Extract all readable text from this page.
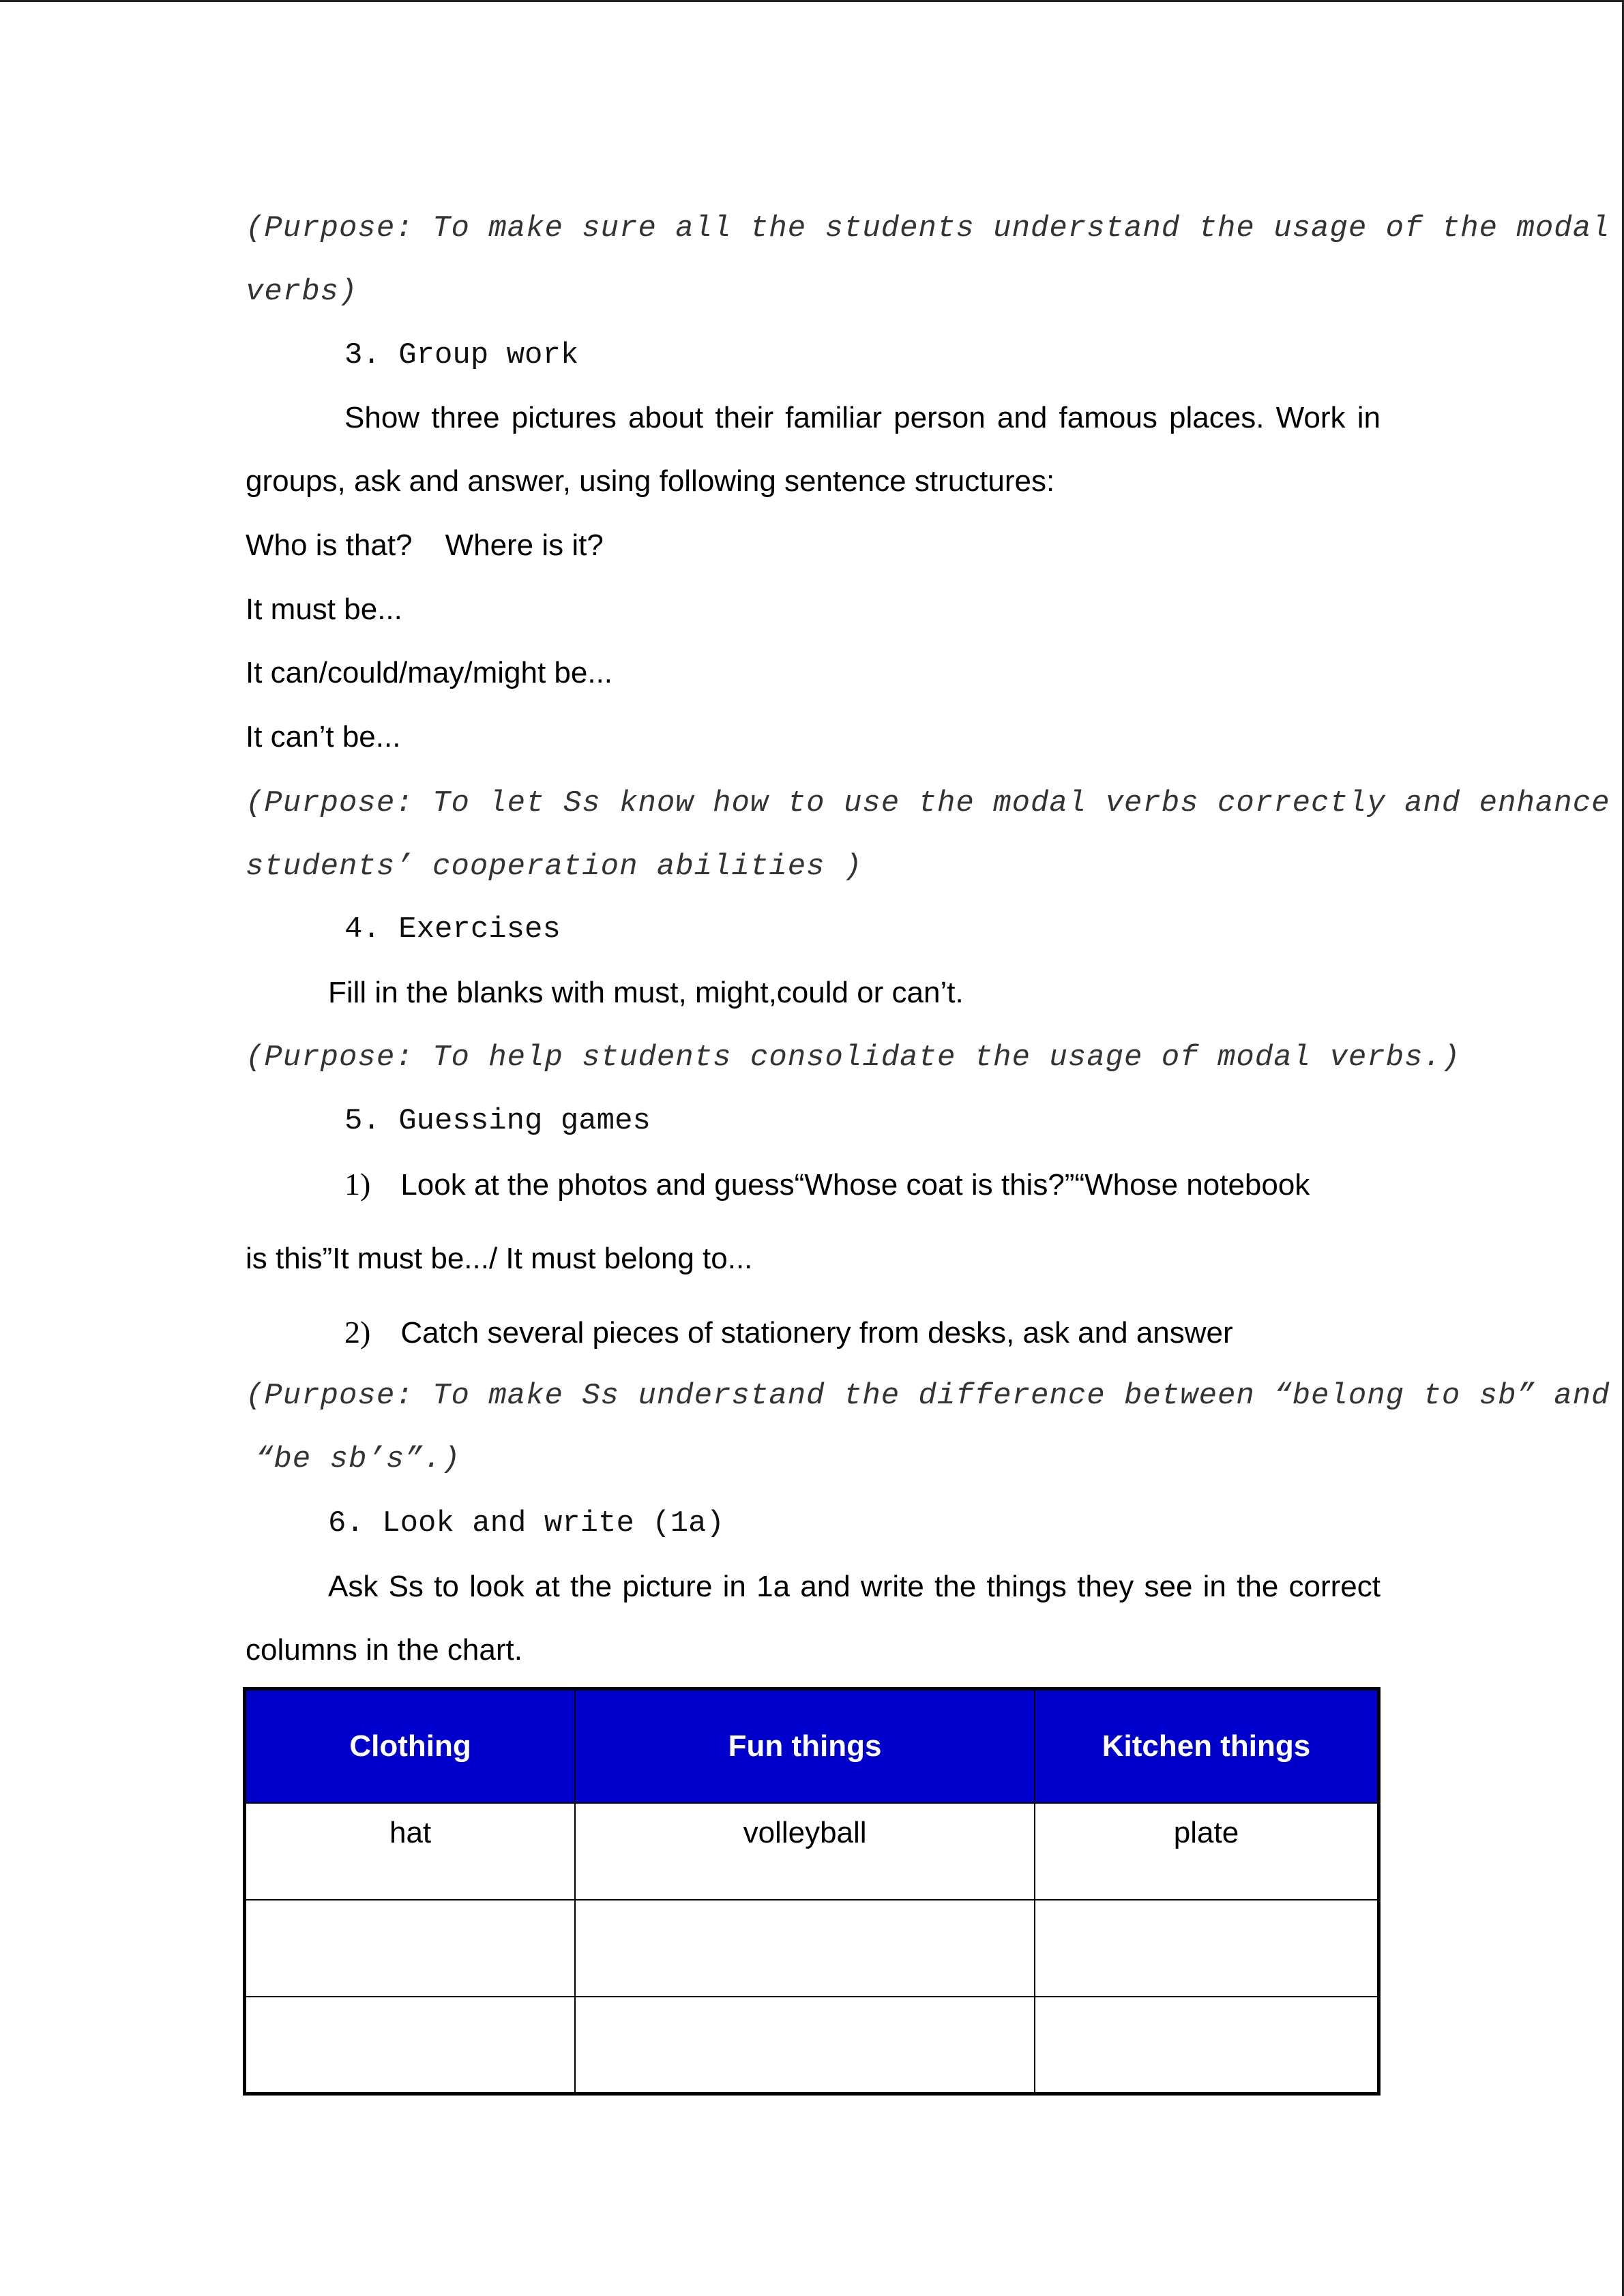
(Purpose: To make sure all the students understand the usage of the modal
verbs)
3. Group work
Show three pictures about their familiar person and famous places. Work in
groups, ask and answer, using following sentence structures:
Who is that? Where is it?
It must be...
It can/could/may/might be...
It can’t be...
(Purpose: To let Ss know how to use the modal verbs correctly and enhance
students’ cooperation abilities )
4. Exercises
Fill in the blanks with must, might,could or can’t.
(Purpose: To help students consolidate the usage of modal verbs.)
5. Guessing games
1) Look at the photos and guess“Whose coat is this?”“Whose notebook
is this”It must be.../ It must belong to...
2) Catch several pieces of stationery from desks, ask and answer
(Purpose: To make Ss understand the difference between “belong to sb” and
“be sb’s”.)
6. Look and write (1a)
Ask Ss to look at the picture in 1a and write the things they see in the correct
columns in the chart.
Clothing	Fun things	Kitchen things
hat	volleyball	plate
